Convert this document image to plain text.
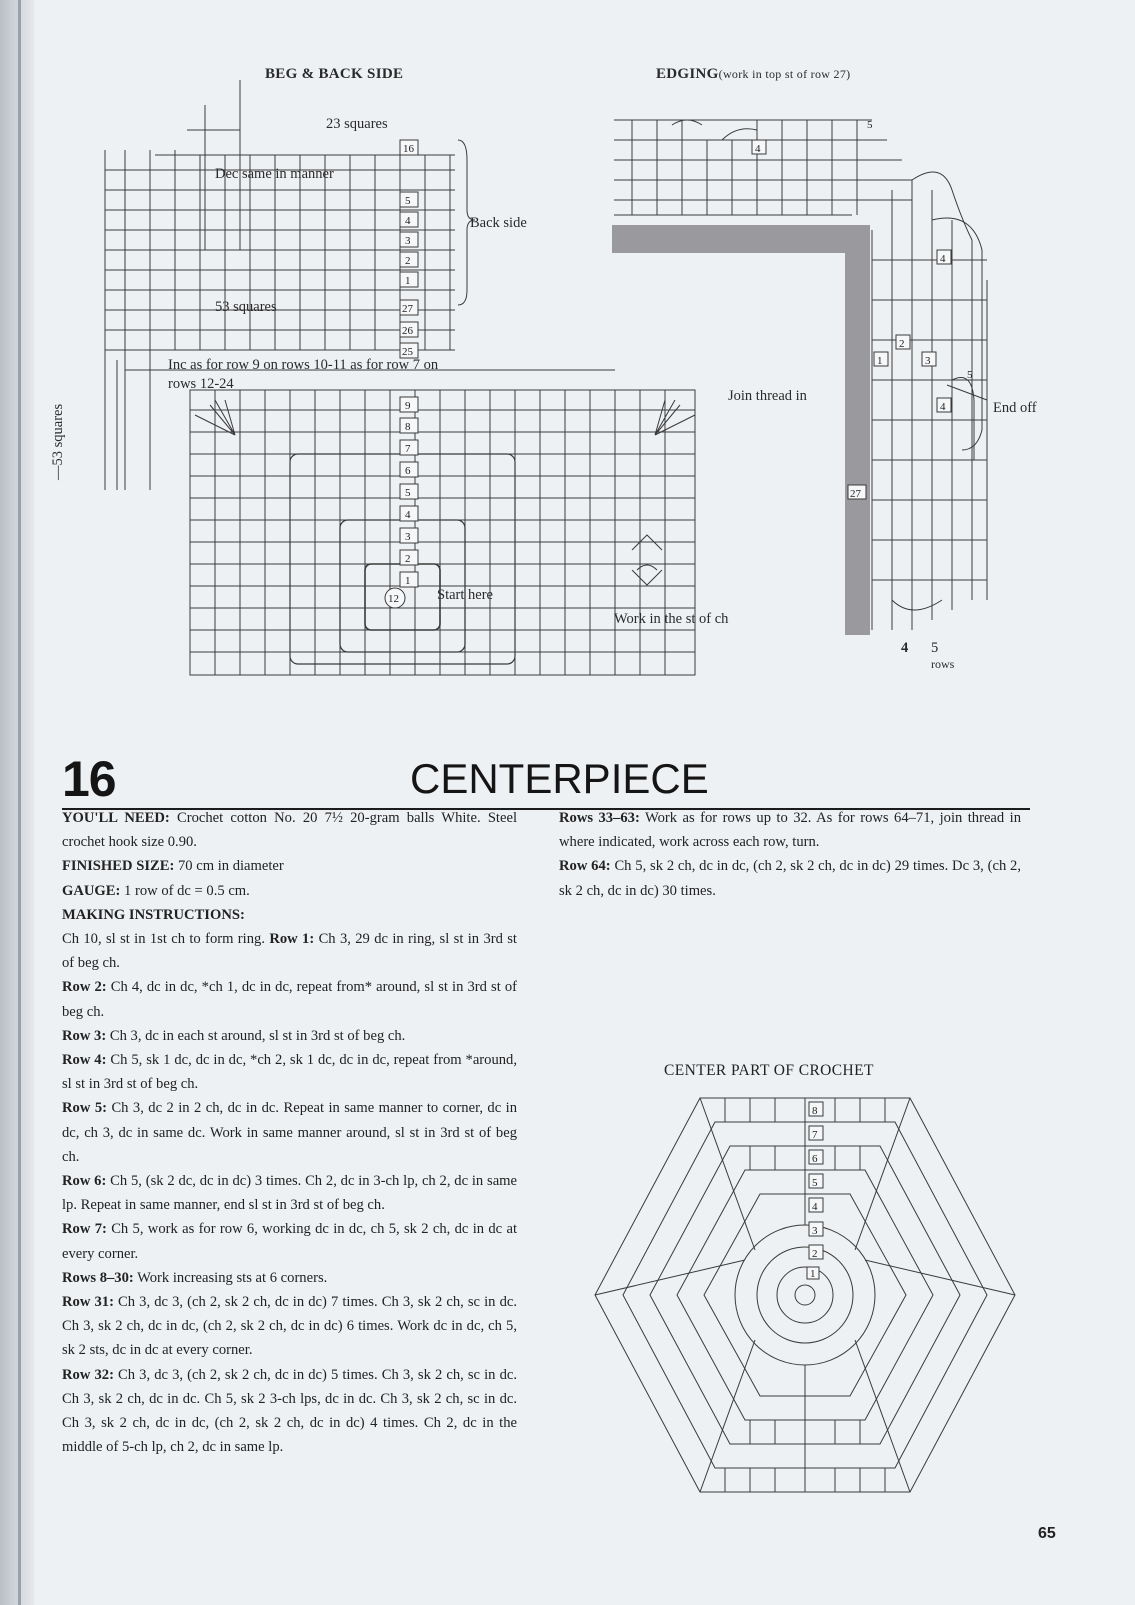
16
5
4
3
2
1
27
26
25
9
8
7
6
5
4
3
2
1
12
BEG & BACK SIDE
23 squares
Dec same in manner
Back side
53 squares
Inc as for row 9 on rows 10-11 as for row 7 on
rows 12-24
—53 squares
Start here
5
4
4
2
1	3
5
4
27
EDGING(work in top st of row 27)
Join thread in
End off
Work in the st of ch
4 5
rows
16	CENTERPIECE

YOU'LL NEED: Crochet cotton No. 20 7½ 20-gram balls White. Steel crochet hook size 0.90.

FINISHED SIZE: 70 cm in diameter

GAUGE: 1 row of dc = 0.5 cm.

MAKING INSTRUCTIONS:

Ch 10, sl st in 1st ch to form ring. Row 1: Ch 3, 29 dc in ring, sl st in 3rd st of beg ch.

Row 2: Ch 4, dc in dc, *ch 1, dc in dc, repeat from* around, sl st in 3rd st of beg ch.

Row 3: Ch 3, dc in each st around, sl st in 3rd st of beg ch.

Row 4: Ch 5, sk 1 dc, dc in dc, *ch 2, sk 1 dc, dc in dc, repeat from *around, sl st in 3rd st of beg ch.

Row 5: Ch 3, dc 2 in 2 ch, dc in dc. Repeat in same manner to corner, dc in dc, ch 3, dc in same dc. Work in same manner around, sl st in 3rd st of beg ch.

Row 6: Ch 5, (sk 2 dc, dc in dc) 3 times. Ch 2, dc in 3-ch lp, ch 2, dc in same lp. Repeat in same manner, end sl st in 3rd st of beg ch.

Row 7: Ch 5, work as for row 6, working dc in dc, ch 5, sk 2 ch, dc in dc at every corner.

Rows 8–30: Work increasing sts at 6 corners.

Row 31: Ch 3, dc 3, (ch 2, sk 2 ch, dc in dc) 7 times. Ch 3, sk 2 ch, sc in dc. Ch 3, sk 2 ch, dc in dc, (ch 2, sk 2 ch, dc in dc) 6 times. Work dc in dc, ch 5, sk 2 sts, dc in dc at every corner.

Row 32: Ch 3, dc 3, (ch 2, sk 2 ch, dc in dc) 5 times. Ch 3, sk 2 ch, sc in dc. Ch 3, sk 2 ch, dc in dc. Ch 5, sk 2 3-ch lps, dc in dc. Ch 3, sk 2 ch, sc in dc. Ch 3, sk 2 ch, dc in dc, (ch 2, sk 2 ch, dc in dc) 4 times. Ch 2, dc in the middle of 5-ch lp, ch 2, dc in same lp.

Rows 33–63: Work as for rows up to 32. As for rows 64–71, join thread in where indicated, work across each row, turn.

Row 64: Ch 5, sk 2 ch, dc in dc, (ch 2, sk 2 ch, dc in dc) 29 times. Dc 3, (ch 2, sk 2 ch, dc in dc) 30 times.

CENTER PART OF CROCHET
8
7
6
5
4
3
2
1
65
